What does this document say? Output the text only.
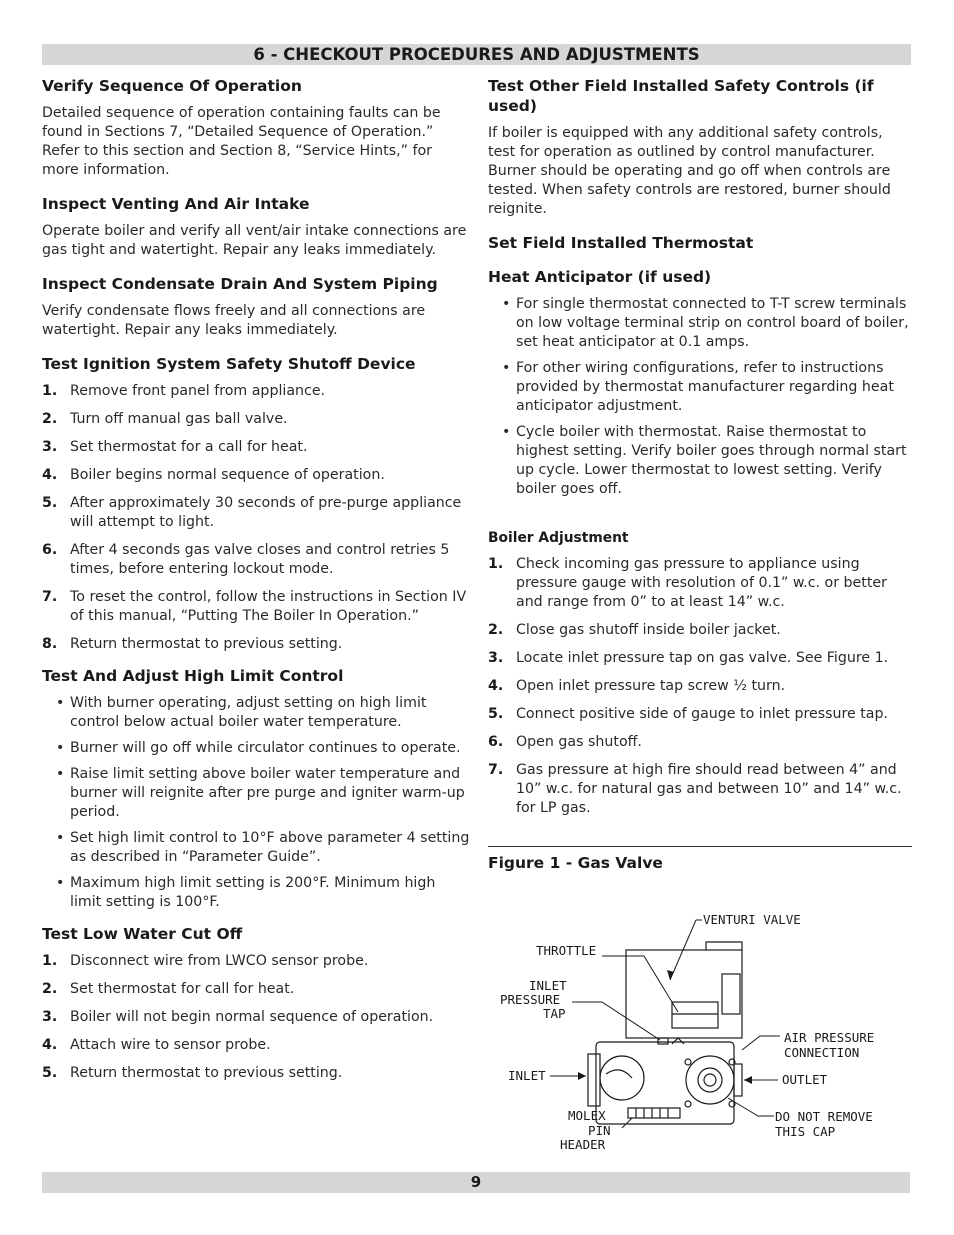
6 - CHECKOUT PROCEDURES AND ADJUSTMENTS
Verify Sequence Of Operation

Detailed sequence of operation containing faults can be found in Sections 7, “Detailed Sequence of Operation.” Refer to this section and Section 8, “Service Hints,” for more information.

Inspect Venting And Air Intake

Operate boiler and verify all vent/air intake connections are gas tight and watertight. Repair any leaks immediately.

Inspect Condensate Drain And System Piping

Verify condensate flows freely and all connections are watertight. Repair any leaks immediately.

Test Ignition System Safety Shutoff Device
1. Remove front panel from appliance.
2. Turn off manual gas ball valve.
3. Set thermostat for a call for heat.
4. Boiler begins normal sequence of operation.
5. After approximately 30 seconds of pre-purge appliance will attempt to light.
6. After 4 seconds gas valve closes and control retries 5 times, before entering lockout mode.
7. To reset the control, follow the instructions in Section IV of this manual, “Putting The Boiler In Operation.”
8. Return thermostat to previous setting.
Test And Adjust High Limit Control
• With burner operating, adjust setting on high limit control below actual boiler water temperature.
• Burner will go off while circulator continues to operate.
• Raise limit setting above boiler water temperature and burner will reignite after pre purge and igniter warm-up period.
• Set high limit control to 10°F above parameter 4 setting as described in “Parameter Guide”.
• Maximum high limit setting is 200°F. Minimum high limit setting is 100°F.
Test Low Water Cut Off
1. Disconnect wire from LWCO sensor probe.
2. Set thermostat for call for heat.
3. Boiler will not begin normal sequence of operation.
4. Attach wire to sensor probe.
5. Return thermostat to previous setting.
Test Other Field Installed Safety Controls (if used)

If boiler is equipped with any additional safety controls, test for operation as outlined by control manufacturer. Burner should be operating and go off when controls are tested. When safety controls are restored, burner should reignite.

Set Field Installed Thermostat
Heat Anticipator (if used)
• For single thermostat connected to T-T screw terminals on low voltage terminal strip on control board of boiler, set heat anticipator at 0.1 amps.
• For other wiring configurations, refer to instructions provided by thermostat manufacturer regarding heat anticipator adjustment.
• Cycle boiler with thermostat. Raise thermostat to highest setting. Verify boiler goes through normal start up cycle. Lower thermostat to lowest setting. Verify boiler goes off.
Boiler Adjustment
1. Check incoming gas pressure to appliance using pressure gauge with resolution of 0.1” w.c. or better and range from 0” to at least 14” w.c.
2. Close gas shutoff inside boiler jacket.
3. Locate inlet pressure tap on gas valve. See Figure 1.
4. Open inlet pressure tap screw ½ turn.
5. Connect positive side of gauge to inlet pressure tap.
6. Open gas shutoff.
7. Gas pressure at high fire should read between 4” and 10” w.c. for natural gas and between 10” and 14” w.c. for LP gas.
Figure 1 - Gas Valve
VENTURI VALVE
THROTTLE
INLET
PRESSURE
TAP
AIR PRESSURE
CONNECTION
INLET	OUTLET
MOLEX
PIN
HEADER
DO NOT REMOVE
THIS CAP
9
